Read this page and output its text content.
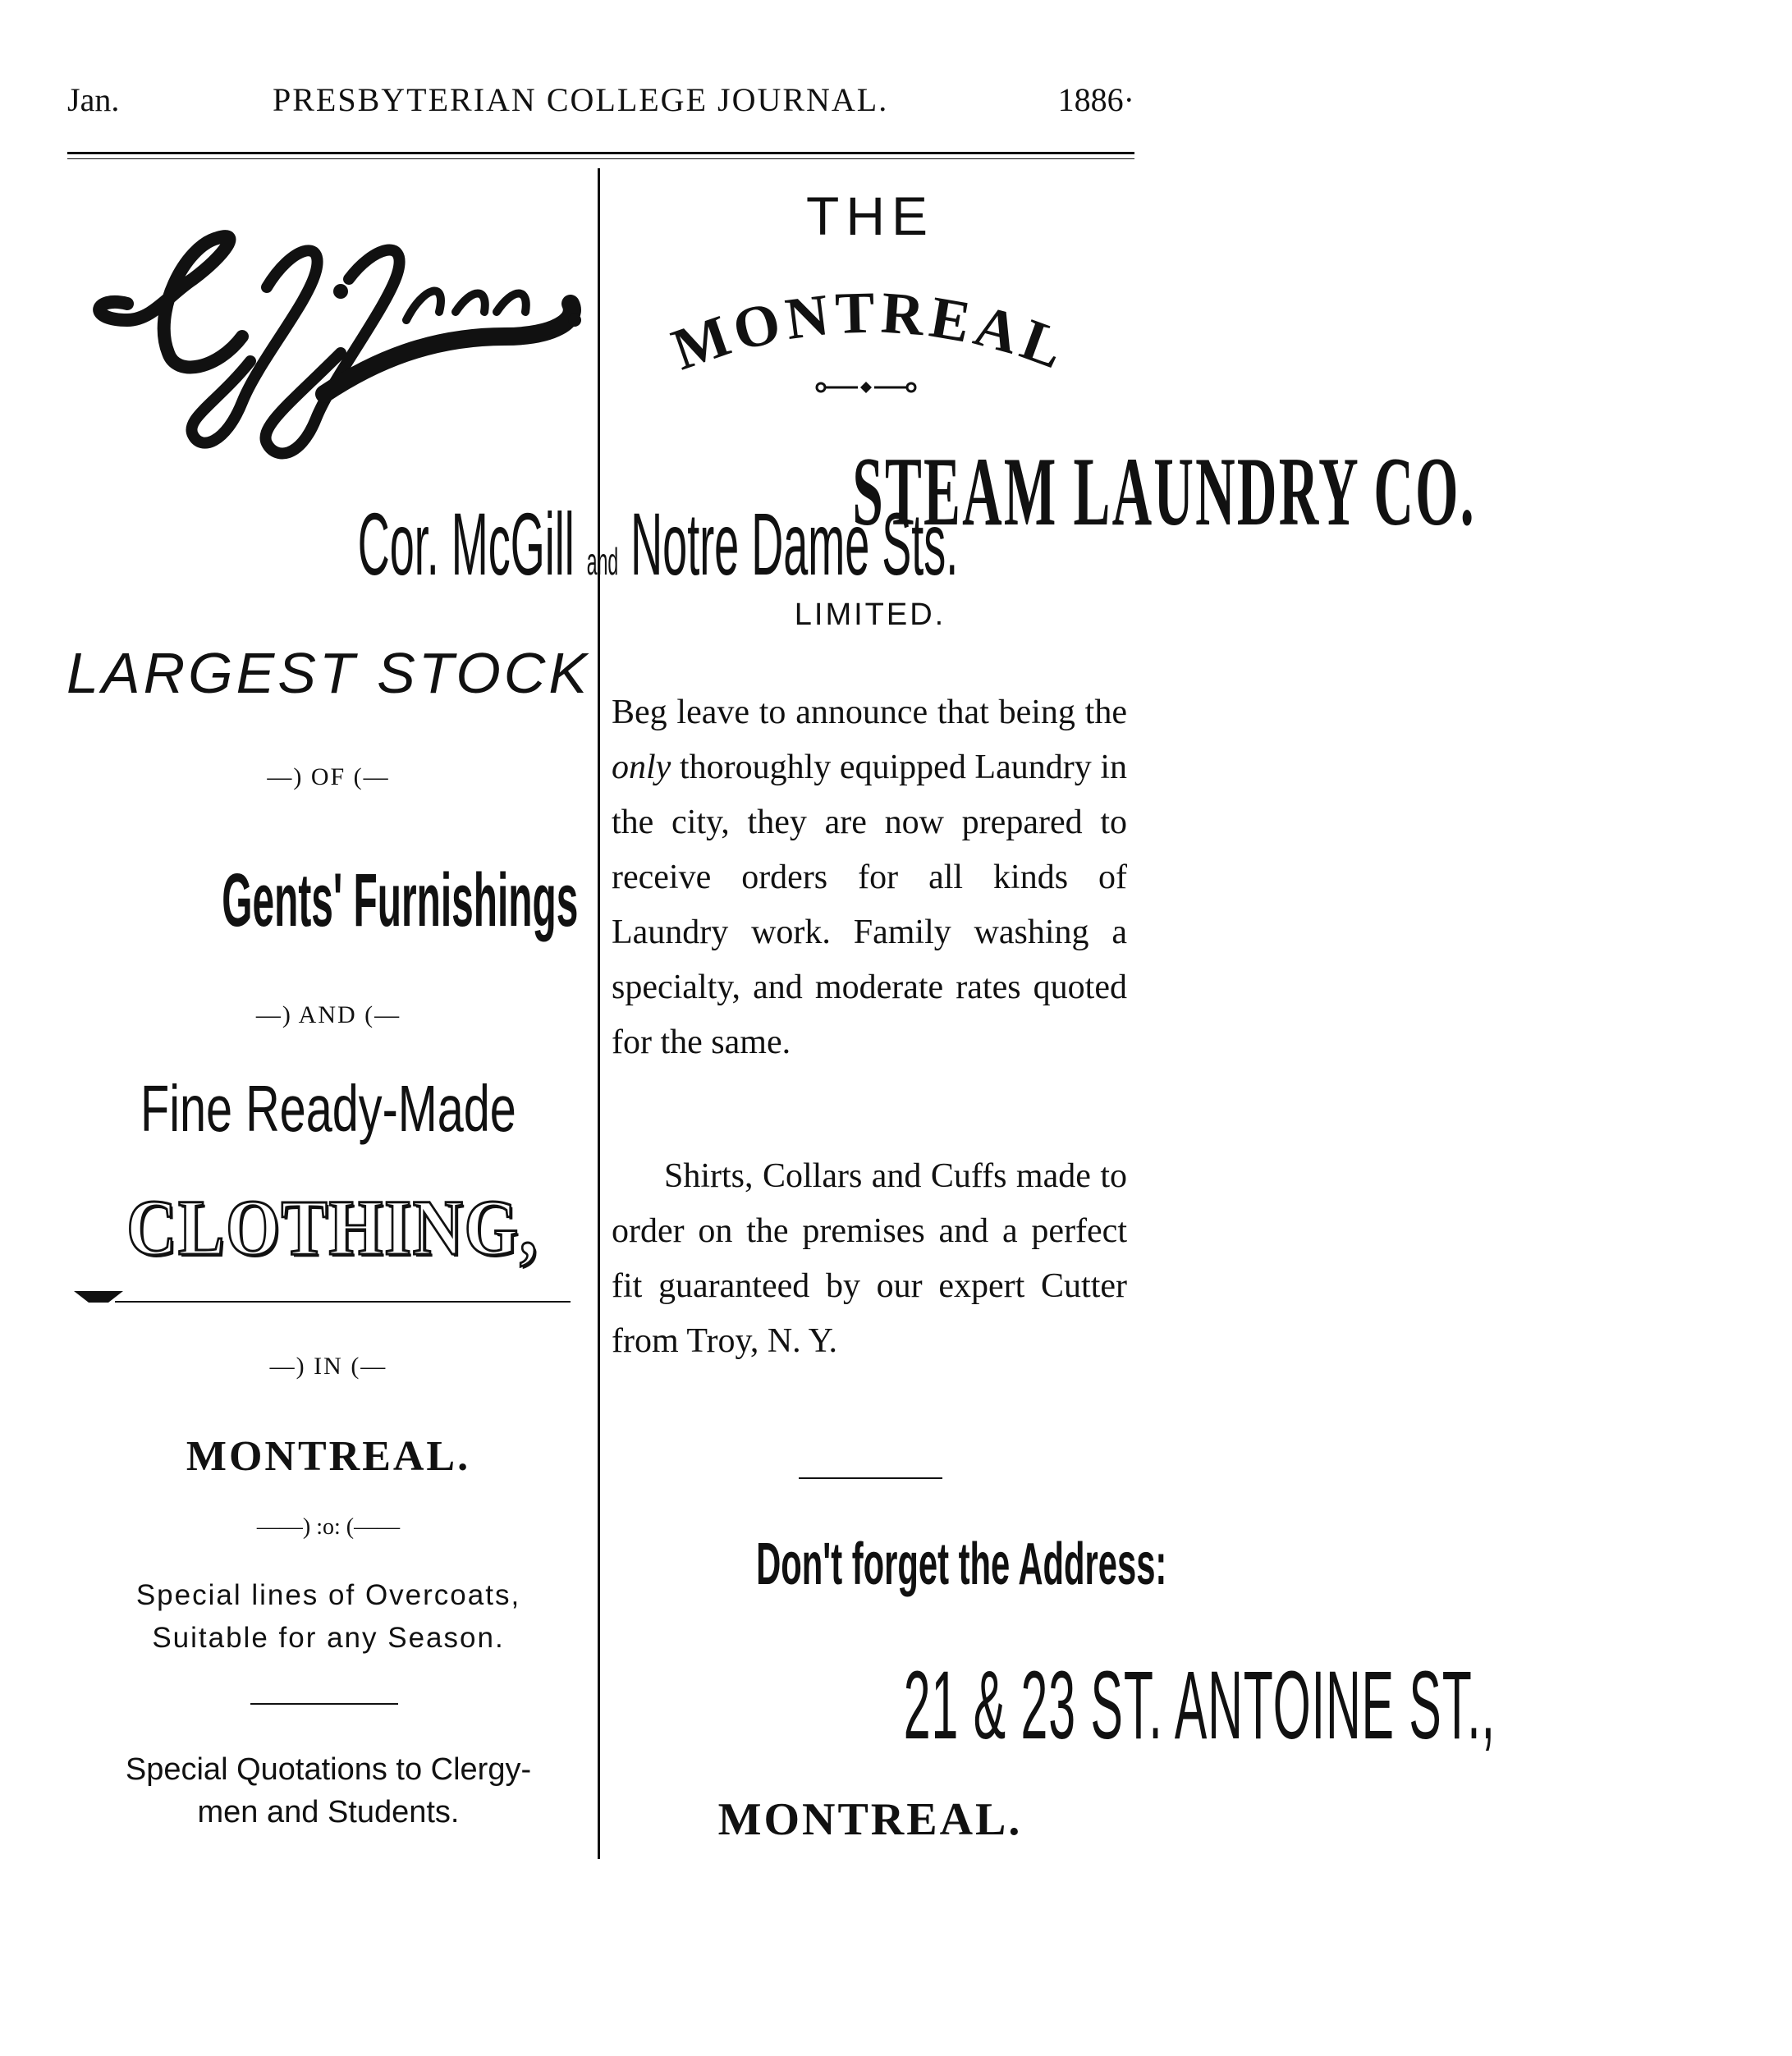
Jan.	PRESBYTERIAN COLLEGE JOURNAL.	1886·
Cor. McGill and Notre Dame Sts.
LARGEST STOCK
—) OF (—
Gents' Furnishings
—) AND (—
Fine Ready-Made
CLOTHING,
—) IN (—
MONTREAL.
——) :o: (——
Special lines of Overcoats,
Suitable for any Season.
Special Quotations to Clergy-
men and Students.
THE
MONTREAL
STEAM LAUNDRY CO.
LIMITED.

Beg leave to announce that being the only thoroughly equipped Laundry in the city, they are now prepared to receive orders for all kinds of Laundry work. Family washing a specialty, and moderate rates quoted for the same.

Shirts, Collars and Cuffs made to order on the premises and a perfect fit guaranteed by our expert Cutter from Troy, N. Y.

Don't forget the Address:
21 & 23 ST. ANTOINE ST.,
MONTREAL.
